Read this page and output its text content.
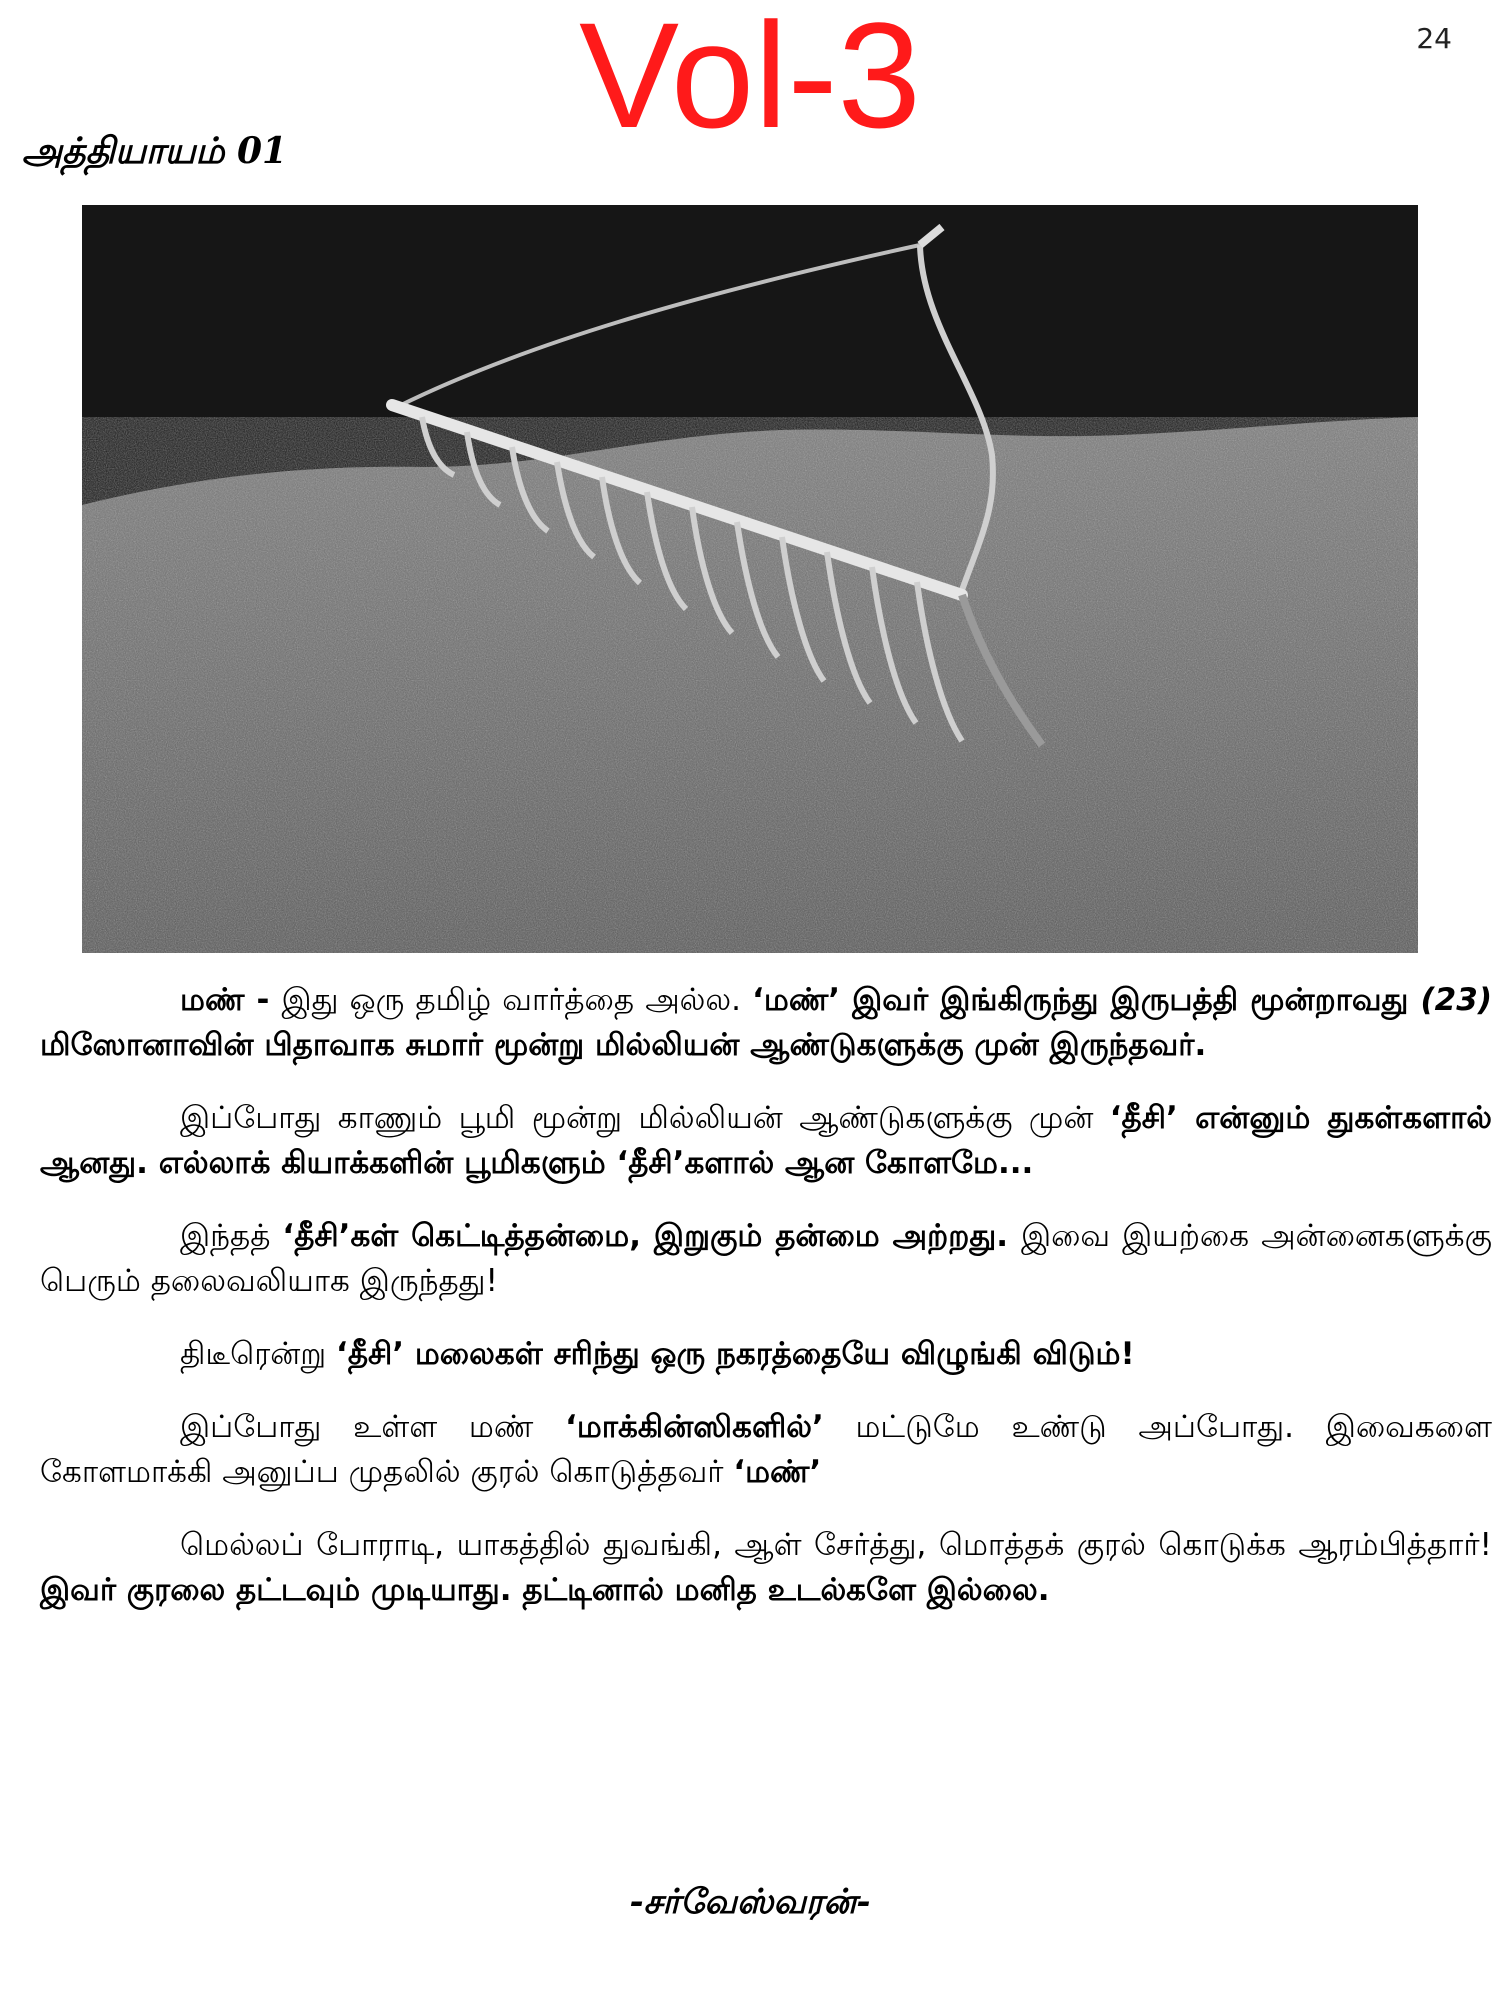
24
Vol-3
அத்தியாயம் 01

மண் - இது ஒரு தமிழ் வார்த்தை அல்ல. ‘மண்’ இவர் இங்கிருந்து இருபத்தி மூன்றாவது (23) மிஸோனாவின் பிதாவாக சுமார் மூன்று மில்லியன் ஆண்டுகளுக்கு முன் இருந்தவர்.

இப்போது காணும் பூமி மூன்று மில்லியன் ஆண்டுகளுக்கு முன் ‘தீசி’ என்னும் துகள்களால் ஆனது. எல்லாக் கியாக்களின் பூமிகளும் ‘தீசி’களால் ஆன கோளமே...

இந்தத் ‘தீசி’கள் கெட்டித்தன்மை, இறுகும் தன்மை அற்றது. இவை இயற்கை அன்னைகளுக்கு பெரும் தலைவலியாக இருந்தது!

திடீரென்று ‘தீசி’ மலைகள் சரிந்து ஒரு நகரத்தையே விழுங்கி விடும்!

இப்போது உள்ள மண் ‘மாக்கின்ஸிகளில்’ மட்டுமே உண்டு அப்போது. இவைகளை கோளமாக்கி அனுப்ப முதலில் குரல் கொடுத்தவர் ‘மண்’

மெல்லப் போராடி, யாகத்தில் துவங்கி, ஆள் சேர்த்து, மொத்தக் குரல் கொடுக்க ஆரம்பித்தார்! இவர் குரலை தட்டவும் முடியாது. தட்டினால் மனித உடல்களே இல்லை.

-சர்வேஸ்வரன்-
